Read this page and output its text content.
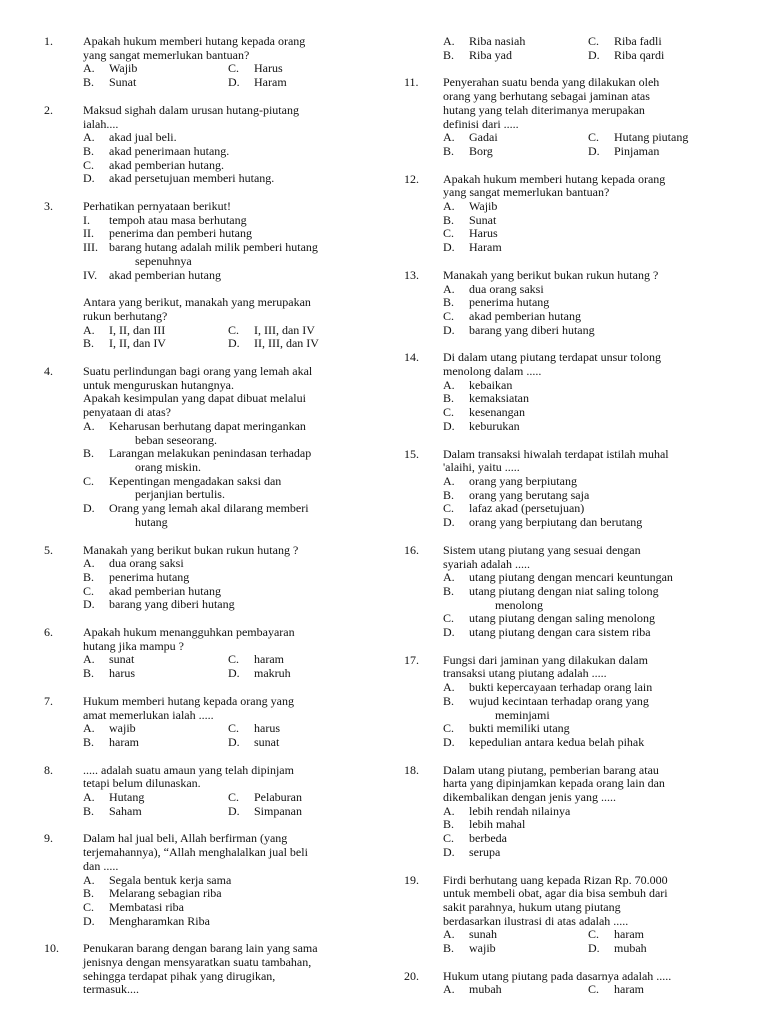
1.	Apakah hukum memberi hutang kepada orang
yang sangat memerlukan bantuan?
A. Wajib	C. Harus
B. Sunat	D. Haram
2.	Maksud sighah dalam urusan hutang-piutang
ialah....
A. akad jual beli.
B. akad penerimaan hutang.
C. akad pemberian hutang.
D. akad persetujuan memberi hutang.
3.	Perhatikan pernyataan berikut!
I. tempoh atau masa berhutang
II. penerima dan pemberi hutang
III. barang hutang adalah milik pemberi hutang
sepenuhnya
IV. akad pemberian hutang
Antara yang berikut, manakah yang merupakan
rukun berhutang?
A. I, II, dan III	C. I, III, dan IV
B. I, II, dan IV	D. II, III, dan IV
4.	Suatu perlindungan bagi orang yang lemah akal
untuk menguruskan hutangnya.
Apakah kesimpulan yang dapat dibuat melalui
penyataan di atas?
A. Keharusan berhutang dapat meringankan
beban seseorang.
B. Larangan melakukan penindasan terhadap
orang miskin.
C. Kepentingan mengadakan saksi dan
perjanjian bertulis.
D. Orang yang lemah akal dilarang memberi
hutang
5.	Manakah yang berikut bukan rukun hutang ?
A. dua orang saksi
B. penerima hutang
C. akad pemberian hutang
D. barang yang diberi hutang
6.	Apakah hukum menangguhkan pembayaran
hutang jika mampu ?
A. sunat	C. haram
B. harus	D. makruh
7.	Hukum memberi hutang kepada orang yang
amat memerlukan ialah .....
A. wajib	C. harus
B. haram	D. sunat
8.	..... adalah suatu amaun yang telah dipinjam
tetapi belum dilunaskan.
A. Hutang	C. Pelaburan
B. Saham	D. Simpanan
9.	Dalam hal jual beli, Allah berfirman (yang
terjemahannya), “Allah menghalalkan jual beli
dan .....
A. Segala bentuk kerja sama
B. Melarang sebagian riba
C. Membatasi riba
D. Mengharamkan Riba
10. Penukaran barang dengan barang lain yang sama
jenisnya dengan mensyaratkan suatu tambahan,
sehingga terdapat pihak yang dirugikan,
termasuk....
A. Riba nasiah	C. Riba fadli
B. Riba yad	D. Riba qardi
11. Penyerahan suatu benda yang dilakukan oleh
orang yang berhutang sebagai jaminan atas
hutang yang telah diterimanya merupakan
definisi dari .....
A. Gadai	C. Hutang piutang
B. Borg	D. Pinjaman
12. Apakah hukum memberi hutang kepada orang
yang sangat memerlukan bantuan?
A. Wajib
B. Sunat
C. Harus
D. Haram
13. Manakah yang berikut bukan rukun hutang ?
A. dua orang saksi
B. penerima hutang
C. akad pemberian hutang
D. barang yang diberi hutang
14. Di dalam utang piutang terdapat unsur tolong
menolong dalam .....
A. kebaikan
B. kemaksiatan
C. kesenangan
D. keburukan
15. Dalam transaksi hiwalah terdapat istilah muhal
'alaihi, yaitu .....
A. orang yang berpiutang
B. orang yang berutang saja
C. lafaz akad (persetujuan)
D. orang yang berpiutang dan berutang
16. Sistem utang piutang yang sesuai dengan
syariah adalah .....
A. utang piutang dengan mencari keuntungan
B. utang piutang dengan niat saling tolong
menolong
C. utang piutang dengan saling menolong
D. utang piutang dengan cara sistem riba
17. Fungsi dari jaminan yang dilakukan dalam
transaksi utang piutang adalah .....
A. bukti kepercayaan terhadap orang lain
B. wujud kecintaan terhadap orang yang
meminjami
C. bukti memiliki utang
D. kepedulian antara kedua belah pihak
18. Dalam utang piutang, pemberian barang atau
harta yang dipinjamkan kepada orang lain dan
dikembalikan dengan jenis yang .....
A. lebih rendah nilainya
B. lebih mahal
C. berbeda
D. serupa
19. Firdi berhutang uang kepada Rizan Rp. 70.000
untuk membeli obat, agar dia bisa sembuh dari
sakit parahnya, hukum utang piutang
berdasarkan ilustrasi di atas adalah .....
A. sunah	C. haram
B. wajib	D. mubah
20. Hukum utang piutang pada dasarnya adalah .....
A. mubah	C. haram
